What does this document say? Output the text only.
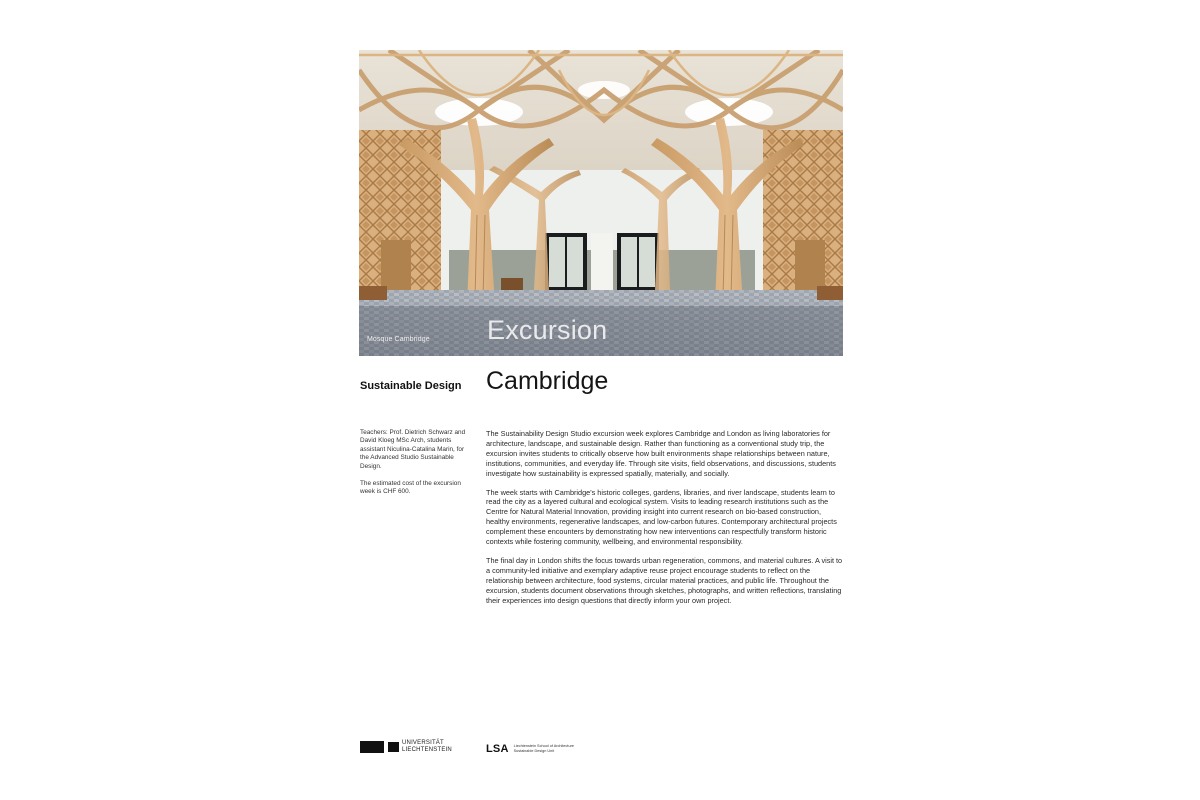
Mosque Cambridge Excursion
Sustainable Design

Teachers: Prof. Dietrich Schwarz and David Kloeg MSc Arch, students assistant Niculina-Catalina Marin, for the Advanced Studio Sustainable Design.

The estimated cost of the excursion week is CHF 600.

Cambridge

The Sustainability Design Studio excursion week explores Cambridge and London as living laboratories for architecture, landscape, and sustainable design. Rather than functioning as a conventional study trip, the excursion invites students to critically observe how built environments shape relationships between nature, institutions, communities, and everyday life. Through site visits, field observations, and discussions, students investigate how sustainability is expressed spatially, materially, and socially.

The week starts with Cambridge's historic colleges, gardens, libraries, and river landscape, students learn to read the city as a layered cultural and ecological system. Visits to leading research institutions such as the Centre for Natural Material Innovation, providing insight into current research on bio-based construction, healthy environments, regenerative landscapes, and low-carbon futures. Contemporary architectural projects complement these encounters by demonstrating how new interventions can respectfully transform historic contexts while fostering community, wellbeing, and environmental responsibility.

The final day in London shifts the focus towards urban regeneration, commons, and material cultures. A visit to a community-led initiative and exemplary adaptive reuse project encourage students to reflect on the relationship between architecture, food systems, circular material practices, and public life. Throughout the excursion, students document observations through sketches, photographs, and written reflections, translating their experiences into design questions that directly inform your own project.

UNIVERSITÄT
LIECHTENSTEIN	LSA Liechtenstein School of Architecture
Sustainable Design Unit
